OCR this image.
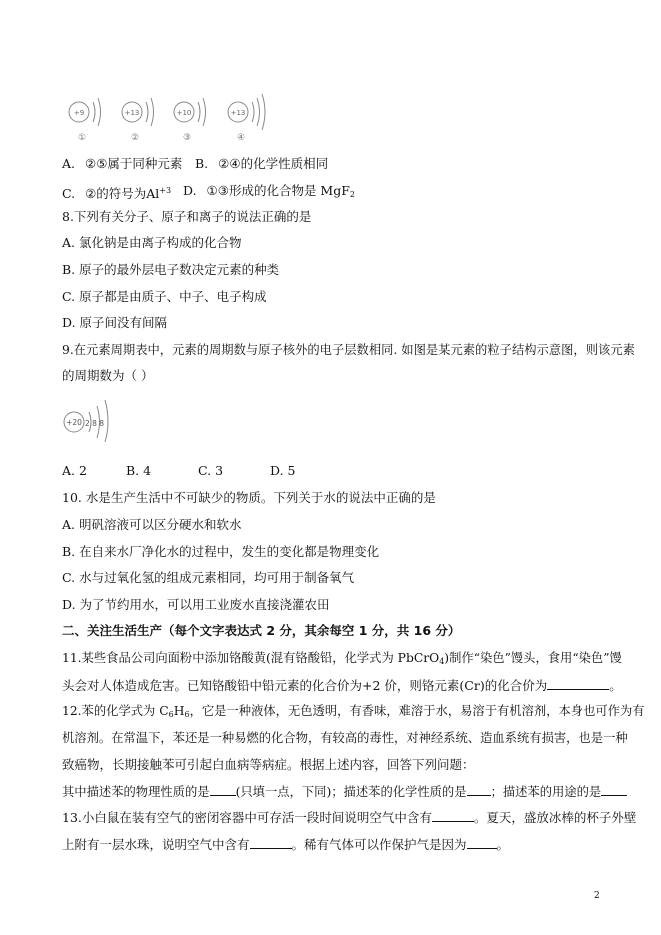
+9
①
+13
②
+10
③
+13
④
A. ②⑤属于同种元素 B. ②④的化学性质相同
C. ②的符号为$Al^{+3}$ D. ①③形成的化合物是 MgF$_2$
8.下列有关分子、原子和离子的说法正确的是
A. 氯化钠是由离子构成的化合物
B. 原子的最外层电子数决定元素的种类
C. 原子都是由质子、中子、电子构成
D. 原子间没有间隔
9.在元素周期表中，元素的周期数与原子核外的电子层数相同. 如图是某元素的粒子结构示意图，则该元素
的周期数为（ ）
+20 2 8 8
A. 2	B. 4	C. 3	D. 5
10. 水是生产生活中不可缺少的物质。下列关于水的说法中正确的是
A. 明矾溶液可以区分硬水和软水
B. 在自来水厂净化水的过程中，发生的变化都是物理变化
C. 水与过氧化氢的组成元素相同，均可用于制备氧气
D. 为了节约用水，可以用工业废水直接浇灌农田
二、关注生活生产（每个文字表达式 2 分，其余每空 1 分，共 16 分）
11.某些食品公司向面粉中添加铬酸黄(混有铬酸铅，化学式为 PbCrO$_4$)制作“染色”馒头，食用“染色”馒
头会对人体造成危害。已知铬酸铅中铅元素的化合价为+2 价，则铬元素(Cr)的化合价为	。
12.苯的化学式为 $C_6H_6$，它是一种液体，无色透明，有香味，难溶于水，易溶于有机溶剂，本身也可作为有
机溶剂。在常温下，苯还是一种易燃的化合物，有较高的毒性，对神经系统、造血系统有损害，也是一种
致癌物，长期接触苯可引起白血病等病症。根据上述内容，回答下列问题：
其中描述苯的物理性质的是 (只填一点，下同)；描述苯的化学性质的是 ；描述苯的用途的是
13.小白鼠在装有空气的密闭容器中可存活一段时间说明空气中含有	。夏天，盛放冰棒的杯子外壁
上附有一层水珠，说明空气中含有	。稀有气体可以作保护气是因为 。
2
